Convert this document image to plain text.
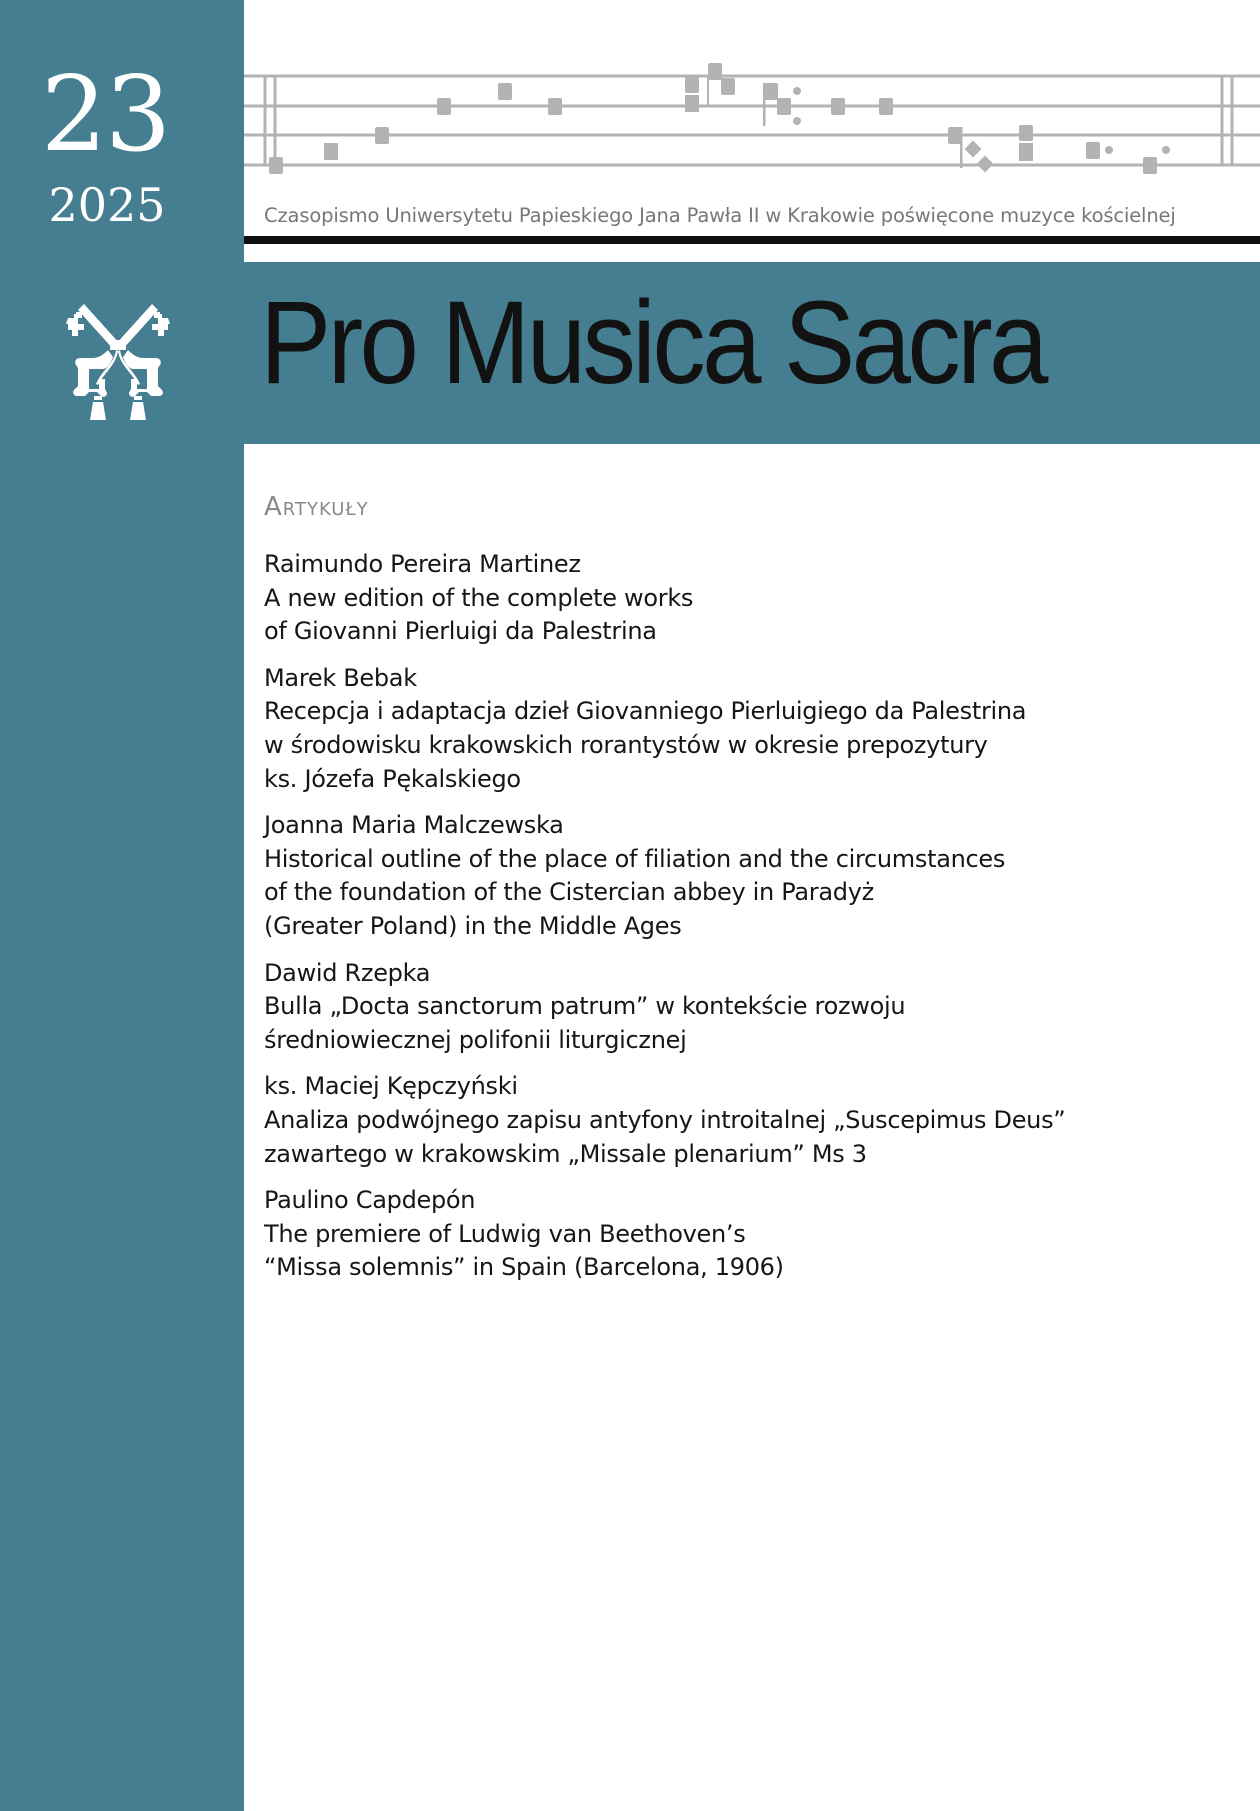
23
2025	Czasopismo Uniwersytetu Papieskiego Jana Pawła II w Krakowie poświęcone muzyce kościelnej
Pro Musica Sacra
Artykuły
Raimundo Pereira Martinez
A new edition of the complete works
of Giovanni Pierluigi da Palestrina
Marek Bebak
Recepcja i adaptacja dzieł Giovanniego Pierluigiego da Palestrina
w środowisku krakowskich rorantystów w okresie prepozytury
ks. Józefa Pękalskiego
Joanna Maria Malczewska
Historical outline of the place of filiation and the circumstances
of the foundation of the Cistercian abbey in Paradyż
(Greater Poland) in the Middle Ages
Dawid Rzepka
Bulla „Docta sanctorum patrum” w kontekście rozwoju
średniowiecznej polifonii liturgicznej
ks. Maciej Kępczyński
Analiza podwójnego zapisu antyfony introitalnej „Suscepimus Deus”
zawartego w krakowskim „Missale plenarium” Ms 3
Paulino Capdepón
The premiere of Ludwig van Beethoven’s
“Missa solemnis” in Spain (Barcelona, 1906)
